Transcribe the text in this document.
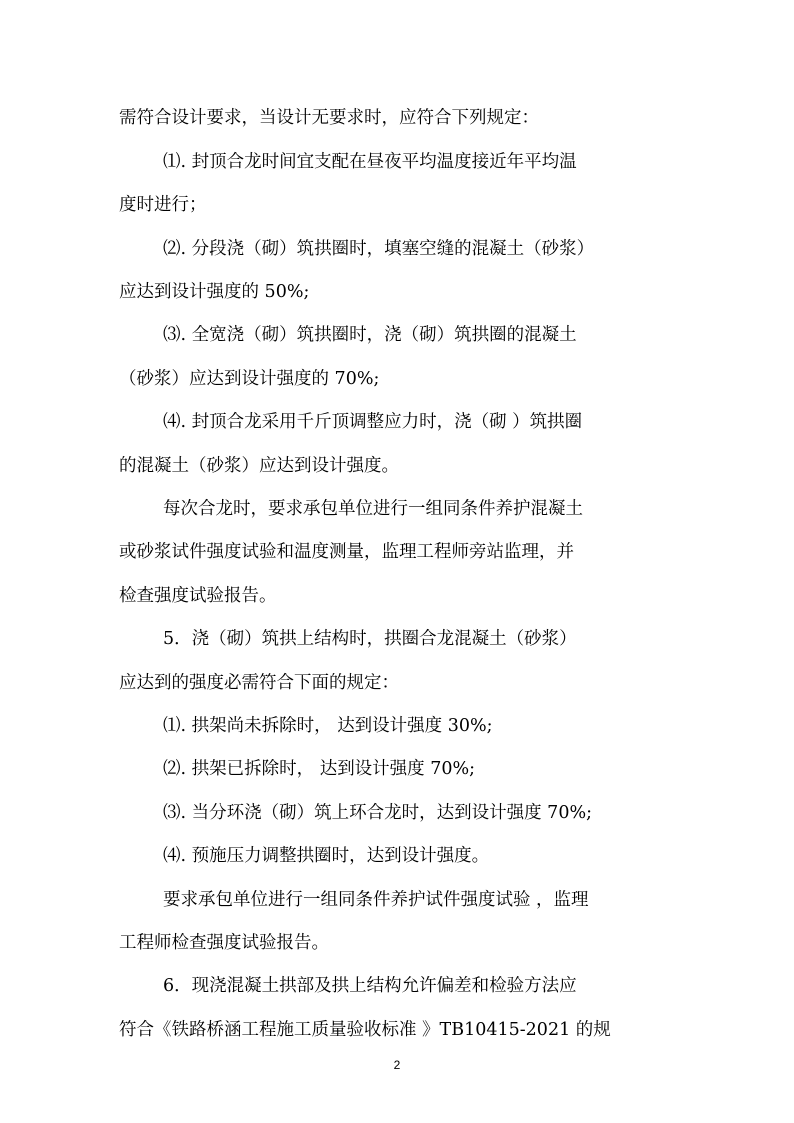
需符合设计要求，当设计无要求时，应符合下列规定：
⑴. 封顶合龙时间宜支配在昼夜平均温度接近年平均温
度时进行；
⑵. 分段浇（砌）筑拱圈时，填塞空缝的混凝土（砂浆）
应达到设计强度的 50%;
⑶. 全宽浇（砌）筑拱圈时，浇（砌）筑拱圈的混凝土
（砂浆）应达到设计强度的 70%;
⑷. 封顶合龙采用千斤顶调整应力时，浇（砌 ）筑拱圈
的混凝土（砂浆）应达到设计强度。
每次合龙时，要求承包单位进行一组同条件养护混凝土
或砂浆试件强度试验和温度测量，监理工程师旁站监理，并
检查强度试验报告。
5．浇（砌）筑拱上结构时，拱圈合龙混凝土（砂浆）
应达到的强度必需符合下面的规定：
⑴. 拱架尚未拆除时， 达到设计强度 30%;
⑵. 拱架已拆除时， 达到设计强度 70%;
⑶. 当分环浇（砌）筑上环合龙时，达到设计强度 70%;
⑷. 预施压力调整拱圈时，达到设计强度。
要求承包单位进行一组同条件养护试件强度试验 ，监理
工程师检查强度试验报告。
6．现浇混凝土拱部及拱上结构允许偏差和检验方法应
符合《铁路桥涵工程施工质量验收标准 》TB10415-2021 的规
2
